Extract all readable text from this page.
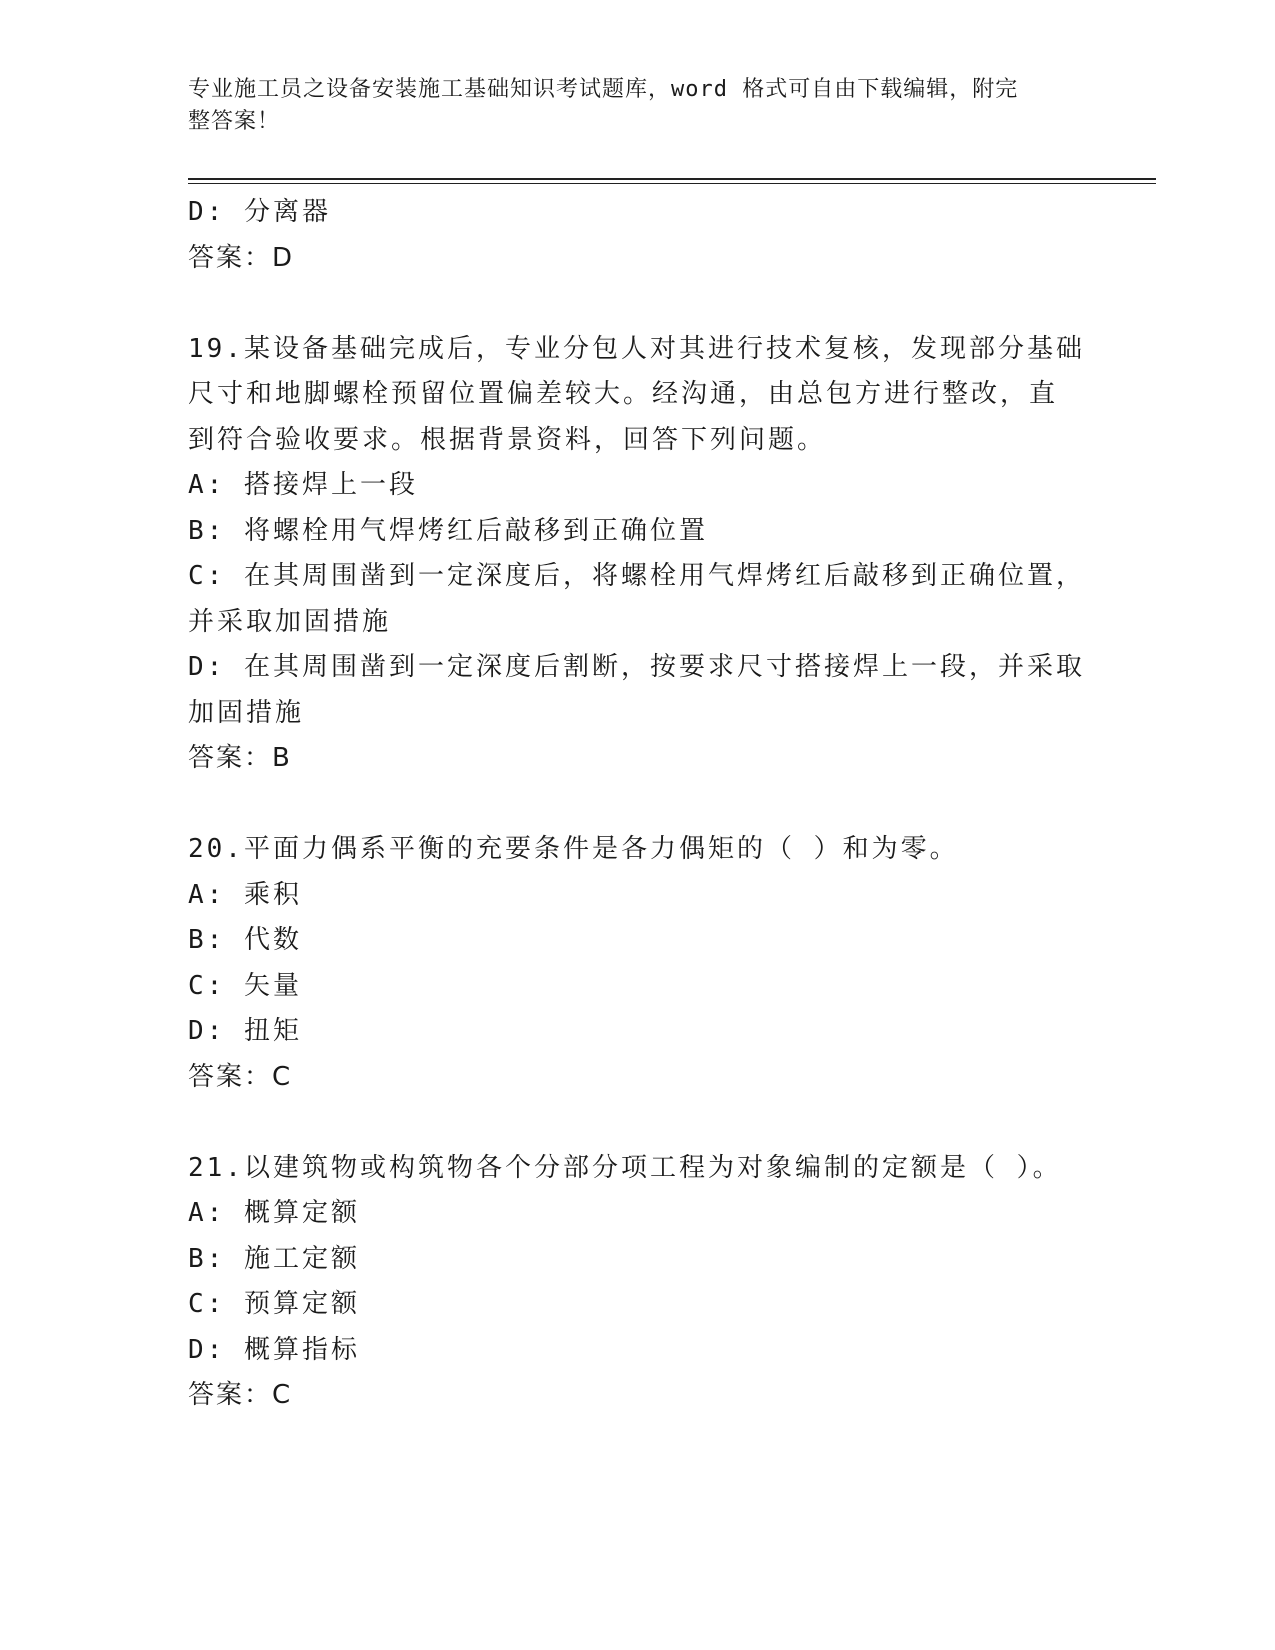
专业施工员之设备安装施工基础知识考试题库，word 格式可自由下载编辑，附完
整答案！
D: 分离器
答案：D
19.某设备基础完成后，专业分包人对其进行技术复核，发现部分基础
尺寸和地脚螺栓预留位置偏差较大。经沟通，由总包方进行整改，直
到符合验收要求。根据背景资料，回答下列问题。
A: 搭接焊上一段
B: 将螺栓用气焊烤红后敲移到正确位置
C: 在其周围凿到一定深度后，将螺栓用气焊烤红后敲移到正确位置，
并采取加固措施
D: 在其周围凿到一定深度后割断，按要求尺寸搭接焊上一段，并采取
加固措施
答案：B
20.平面力偶系平衡的充要条件是各力偶矩的（ ）和为零。
A: 乘积
B: 代数
C: 矢量
D: 扭矩
答案：C
21.以建筑物或构筑物各个分部分项工程为对象编制的定额是（ ）。
A: 概算定额
B: 施工定额
C: 预算定额
D: 概算指标
答案：C
